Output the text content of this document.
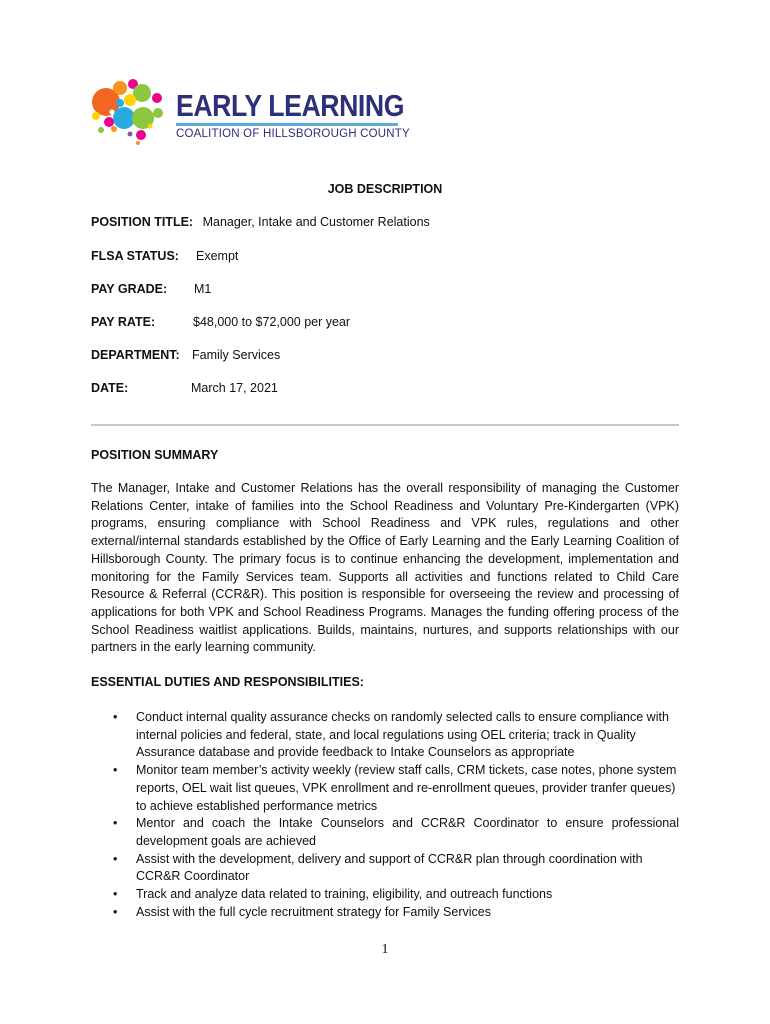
EARLY LEARNING
COALITION OF HILLSBOROUGH COUNTY
JOB DESCRIPTION
POSITION TITLE: Manager, Intake and Customer Relations
FLSA STATUS: Exempt
PAY GRADE: M1
PAY RATE:	$48,000 to $72,000 per year
DEPARTMENT: Family Services
DATE:	March 17, 2021
POSITION SUMMARY

The Manager, Intake and Customer Relations has the overall responsibility of managing the Customer Relations Center, intake of families into the School Readiness and Voluntary Pre-Kindergarten (VPK) programs, ensuring compliance with School Readiness and VPK rules, regulations and other external/internal standards established by the Office of Early Learning and the Early Learning Coalition of Hillsborough County. The primary focus is to continue enhancing the development, implementation and monitoring for the Family Services team. Supports all activities and functions related to Child Care Resource & Referral (CCR&R). This position is responsible for overseeing the review and processing of applications for both VPK and School Readiness Programs. Manages the funding offering process of the School Readiness waitlist applications. Builds, maintains, nurtures, and supports relationships with our partners in the early learning community.

ESSENTIAL DUTIES AND RESPONSIBILITIES:
• Conduct internal quality assurance checks on randomly selected calls to ensure compliance with internal policies and federal, state, and local regulations using OEL criteria; track in Quality Assurance database and provide feedback to Intake Counselors as appropriate
• Monitor team member’s activity weekly (review staff calls, CRM tickets, case notes, phone system reports, OEL wait list queues, VPK enrollment and re-enrollment queues, provider tranfer queues) to achieve established performance metrics
• Mentor and coach the Intake Counselors and CCR&R Coordinator to ensure professional development goals are achieved
• Assist with the development, delivery and support of CCR&R plan through coordination with CCR&R Coordinator
• Track and analyze data related to training, eligibility, and outreach functions
• Assist with the full cycle recruitment strategy for Family Services
1
